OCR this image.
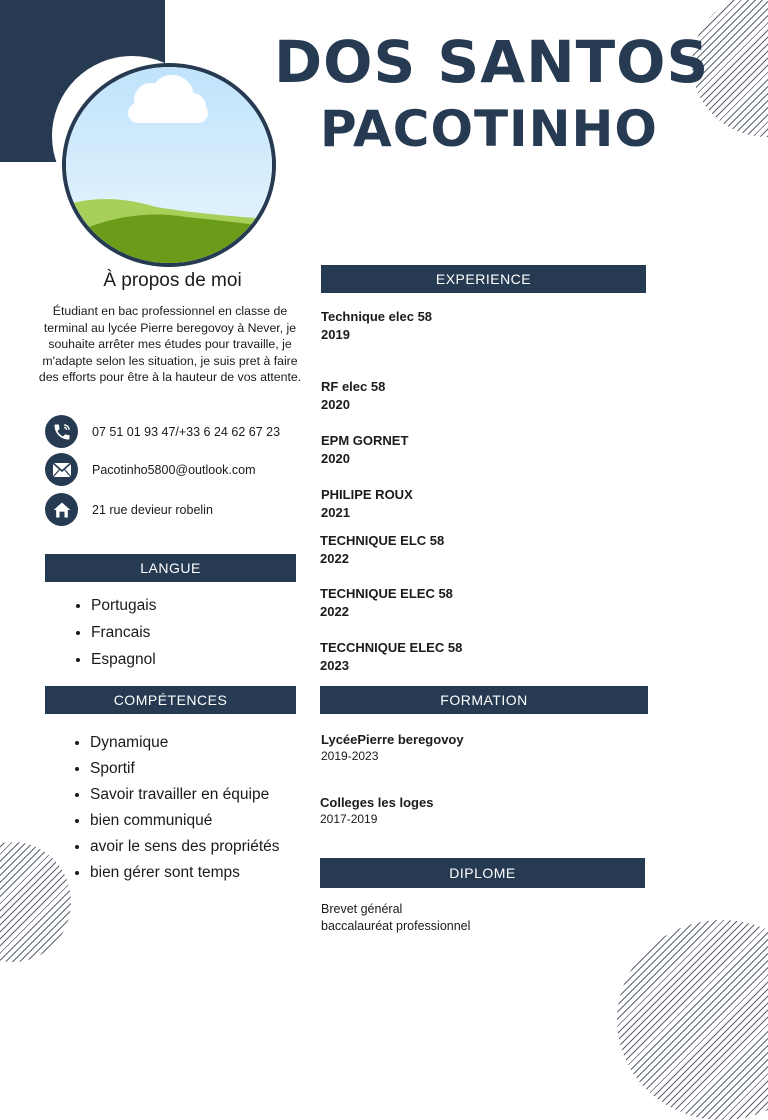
DOS SANTOS
PACOTINHO
À propos de moi
Étudiant en bac professionnel en classe de terminal au lycée Pierre beregovoy à Never, je souhaite arrêter mes études pour travaille, je m'adapte selon les situation, je suis pret à faire des efforts pour être à la hauteur de vos attente.
07 51 01 93 47/+33 6 24 62 67 23
Pacotinho5800@outlook.com
21 rue devieur robelin
LANGUE
• Portugais
• Francais
• Espagnol
COMPÉTENCES
• Dynamique
• Sportif
• Savoir travailler en équipe
• bien communiqué
• avoir le sens des propriétés
• bien gérer sont temps
EXPERIENCE
Technique elec 58
2019
RF elec 58
2020
EPM GORNET
2020
PHILIPE ROUX
2021
TECHNIQUE ELC 58
2022
TECHNIQUE ELEC 58
2022
TECCHNIQUE ELEC 58
2023
FORMATION
LycéePierre beregovoy
2019-2023
Colleges les loges
2017-2019
DIPLOME
Brevet général
baccalauréat professionnel
